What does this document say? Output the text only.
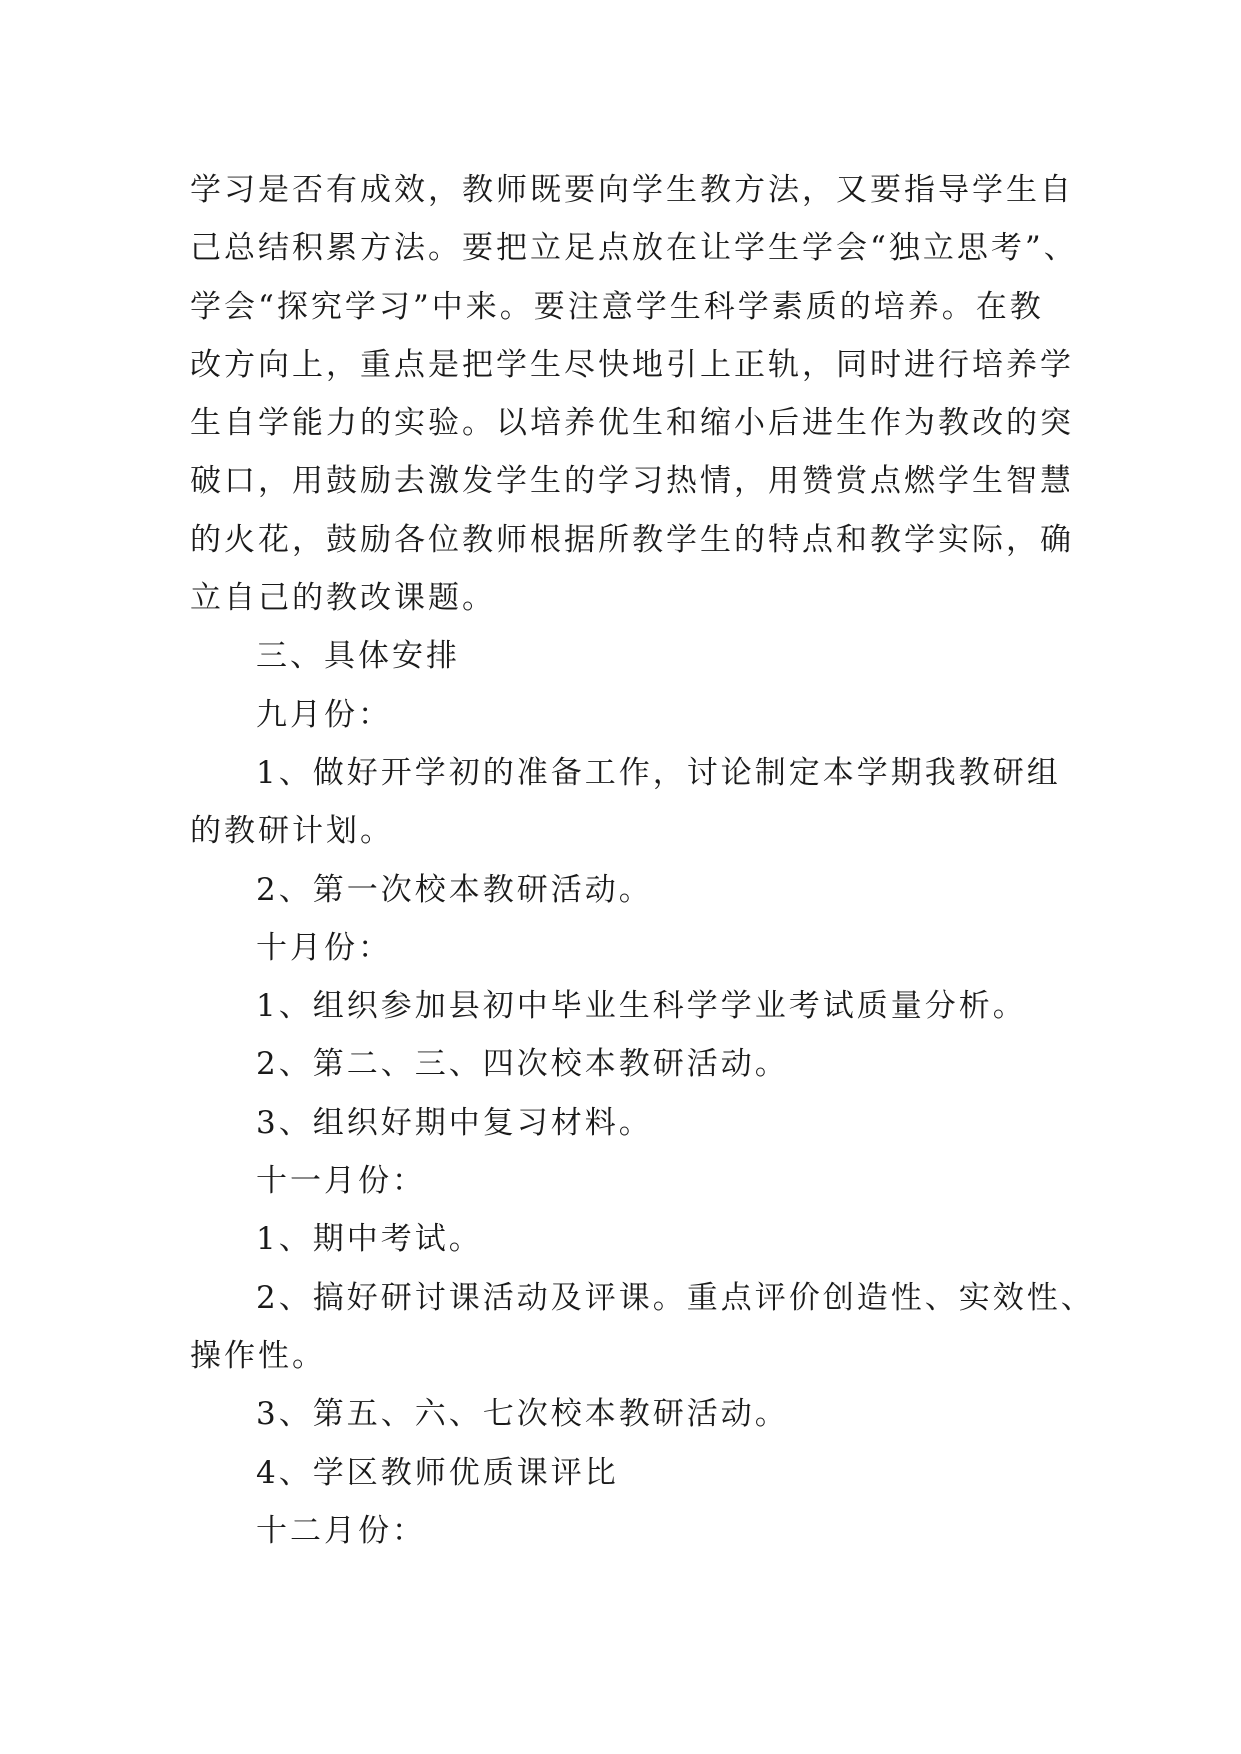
学习是否有成效，教师既要向学生教方法，又要指导学生自
己总结积累方法。要把立足点放在让学生学会“独立思考”、
学会“探究学习”中来。要注意学生科学素质的培养。在教
改方向上，重点是把学生尽快地引上正轨，同时进行培养学
生自学能力的实验。以培养优生和缩小后进生作为教改的突
破口，用鼓励去激发学生的学习热情，用赞赏点燃学生智慧
的火花，鼓励各位教师根据所教学生的特点和教学实际，确
立自己的教改课题。
三、具体安排
九月份：
1、做好开学初的准备工作，讨论制定本学期我教研组
的教研计划。
2、第一次校本教研活动。
十月份：
1、组织参加县初中毕业生科学学业考试质量分析。
2、第二、三、四次校本教研活动。
3、组织好期中复习材料。
十一月份：
1、期中考试。
2、搞好研讨课活动及评课。重点评价创造性、实效性、
操作性。
3、第五、六、七次校本教研活动。
4、学区教师优质课评比
十二月份：
